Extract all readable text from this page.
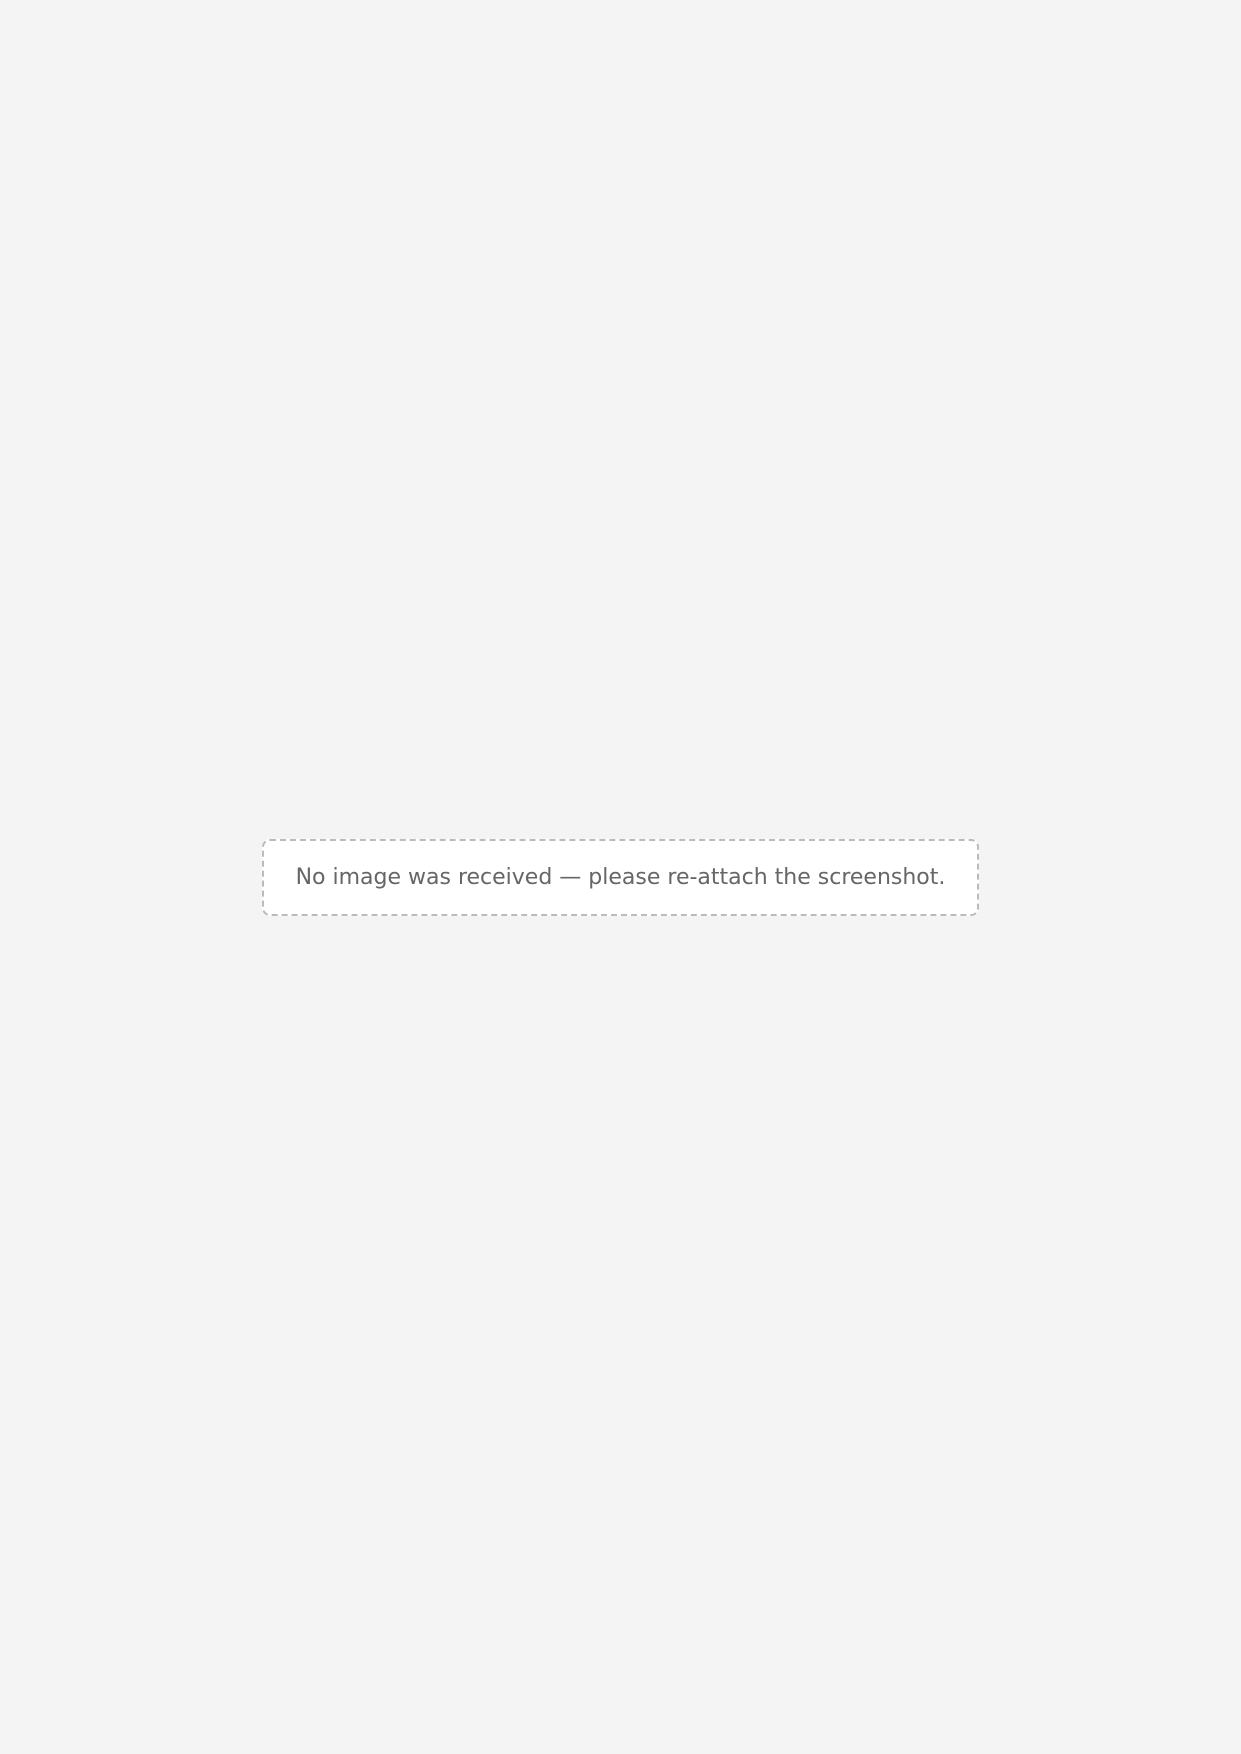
No image was received — please re-attach the screenshot.
